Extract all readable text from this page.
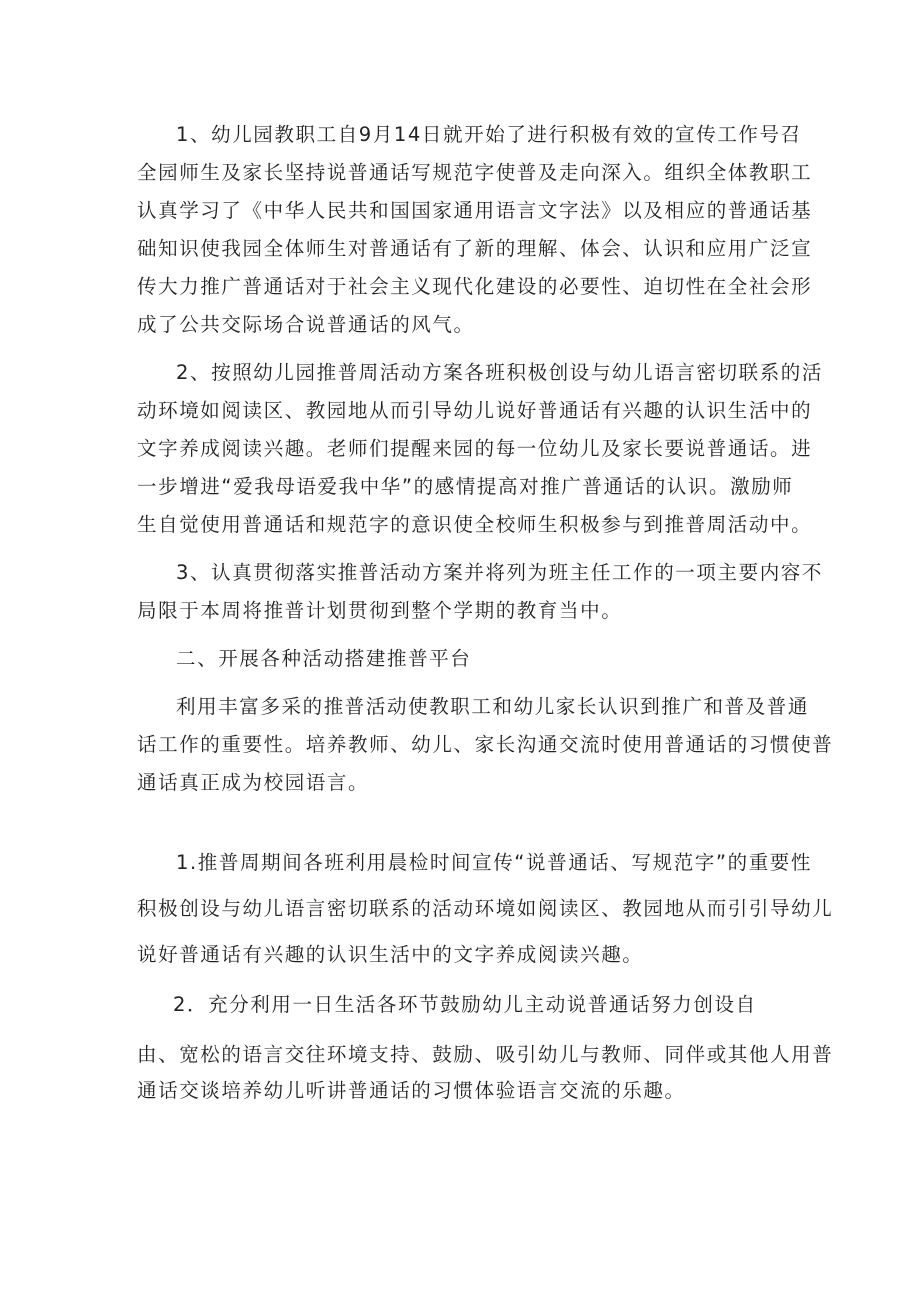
1、幼儿园教职工自9月14日就开始了进行积极有效的宣传工作号召
全园师生及家长坚持说普通话写规范字使普及走向深入。组织全体教职工
认真学习了《中华人民共和国国家通用语言文字法》以及相应的普通话基
础知识使我园全体师生对普通话有了新的理解、体会、认识和应用广泛宣
传大力推广普通话对于社会主义现代化建设的必要性、迫切性在全社会形
成了公共交际场合说普通话的风气。
2、按照幼儿园推普周活动方案各班积极创设与幼儿语言密切联系的活
动环境如阅读区、教园地从而引导幼儿说好普通话有兴趣的认识生活中的
文字养成阅读兴趣。老师们提醒来园的每一位幼儿及家长要说普通话。进
一步增进“爱我母语爱我中华”的感情提高对推广普通话的认识。激励师
生自觉使用普通话和规范字的意识使全校师生积极参与到推普周活动中。
3、认真贯彻落实推普活动方案并将列为班主任工作的一项主要内容不
局限于本周将推普计划贯彻到整个学期的教育当中。
二、开展各种活动搭建推普平台
利用丰富多采的推普活动使教职工和幼儿家长认识到推广和普及普通
话工作的重要性。培养教师、幼儿、家长沟通交流时使用普通话的习惯使普
通话真正成为校园语言。
1.推普周期间各班利用晨检时间宣传“说普通话、写规范字”的重要性
积极创设与幼儿语言密切联系的活动环境如阅读区、教园地从而引引导幼儿
说好普通话有兴趣的认识生活中的文字养成阅读兴趣。
2．充分利用一日生活各环节鼓励幼儿主动说普通话努力创设自
由、宽松的语言交往环境支持、鼓励、吸引幼儿与教师、同伴或其他人用普
通话交谈培养幼儿听讲普通话的习惯体验语言交流的乐趣。
